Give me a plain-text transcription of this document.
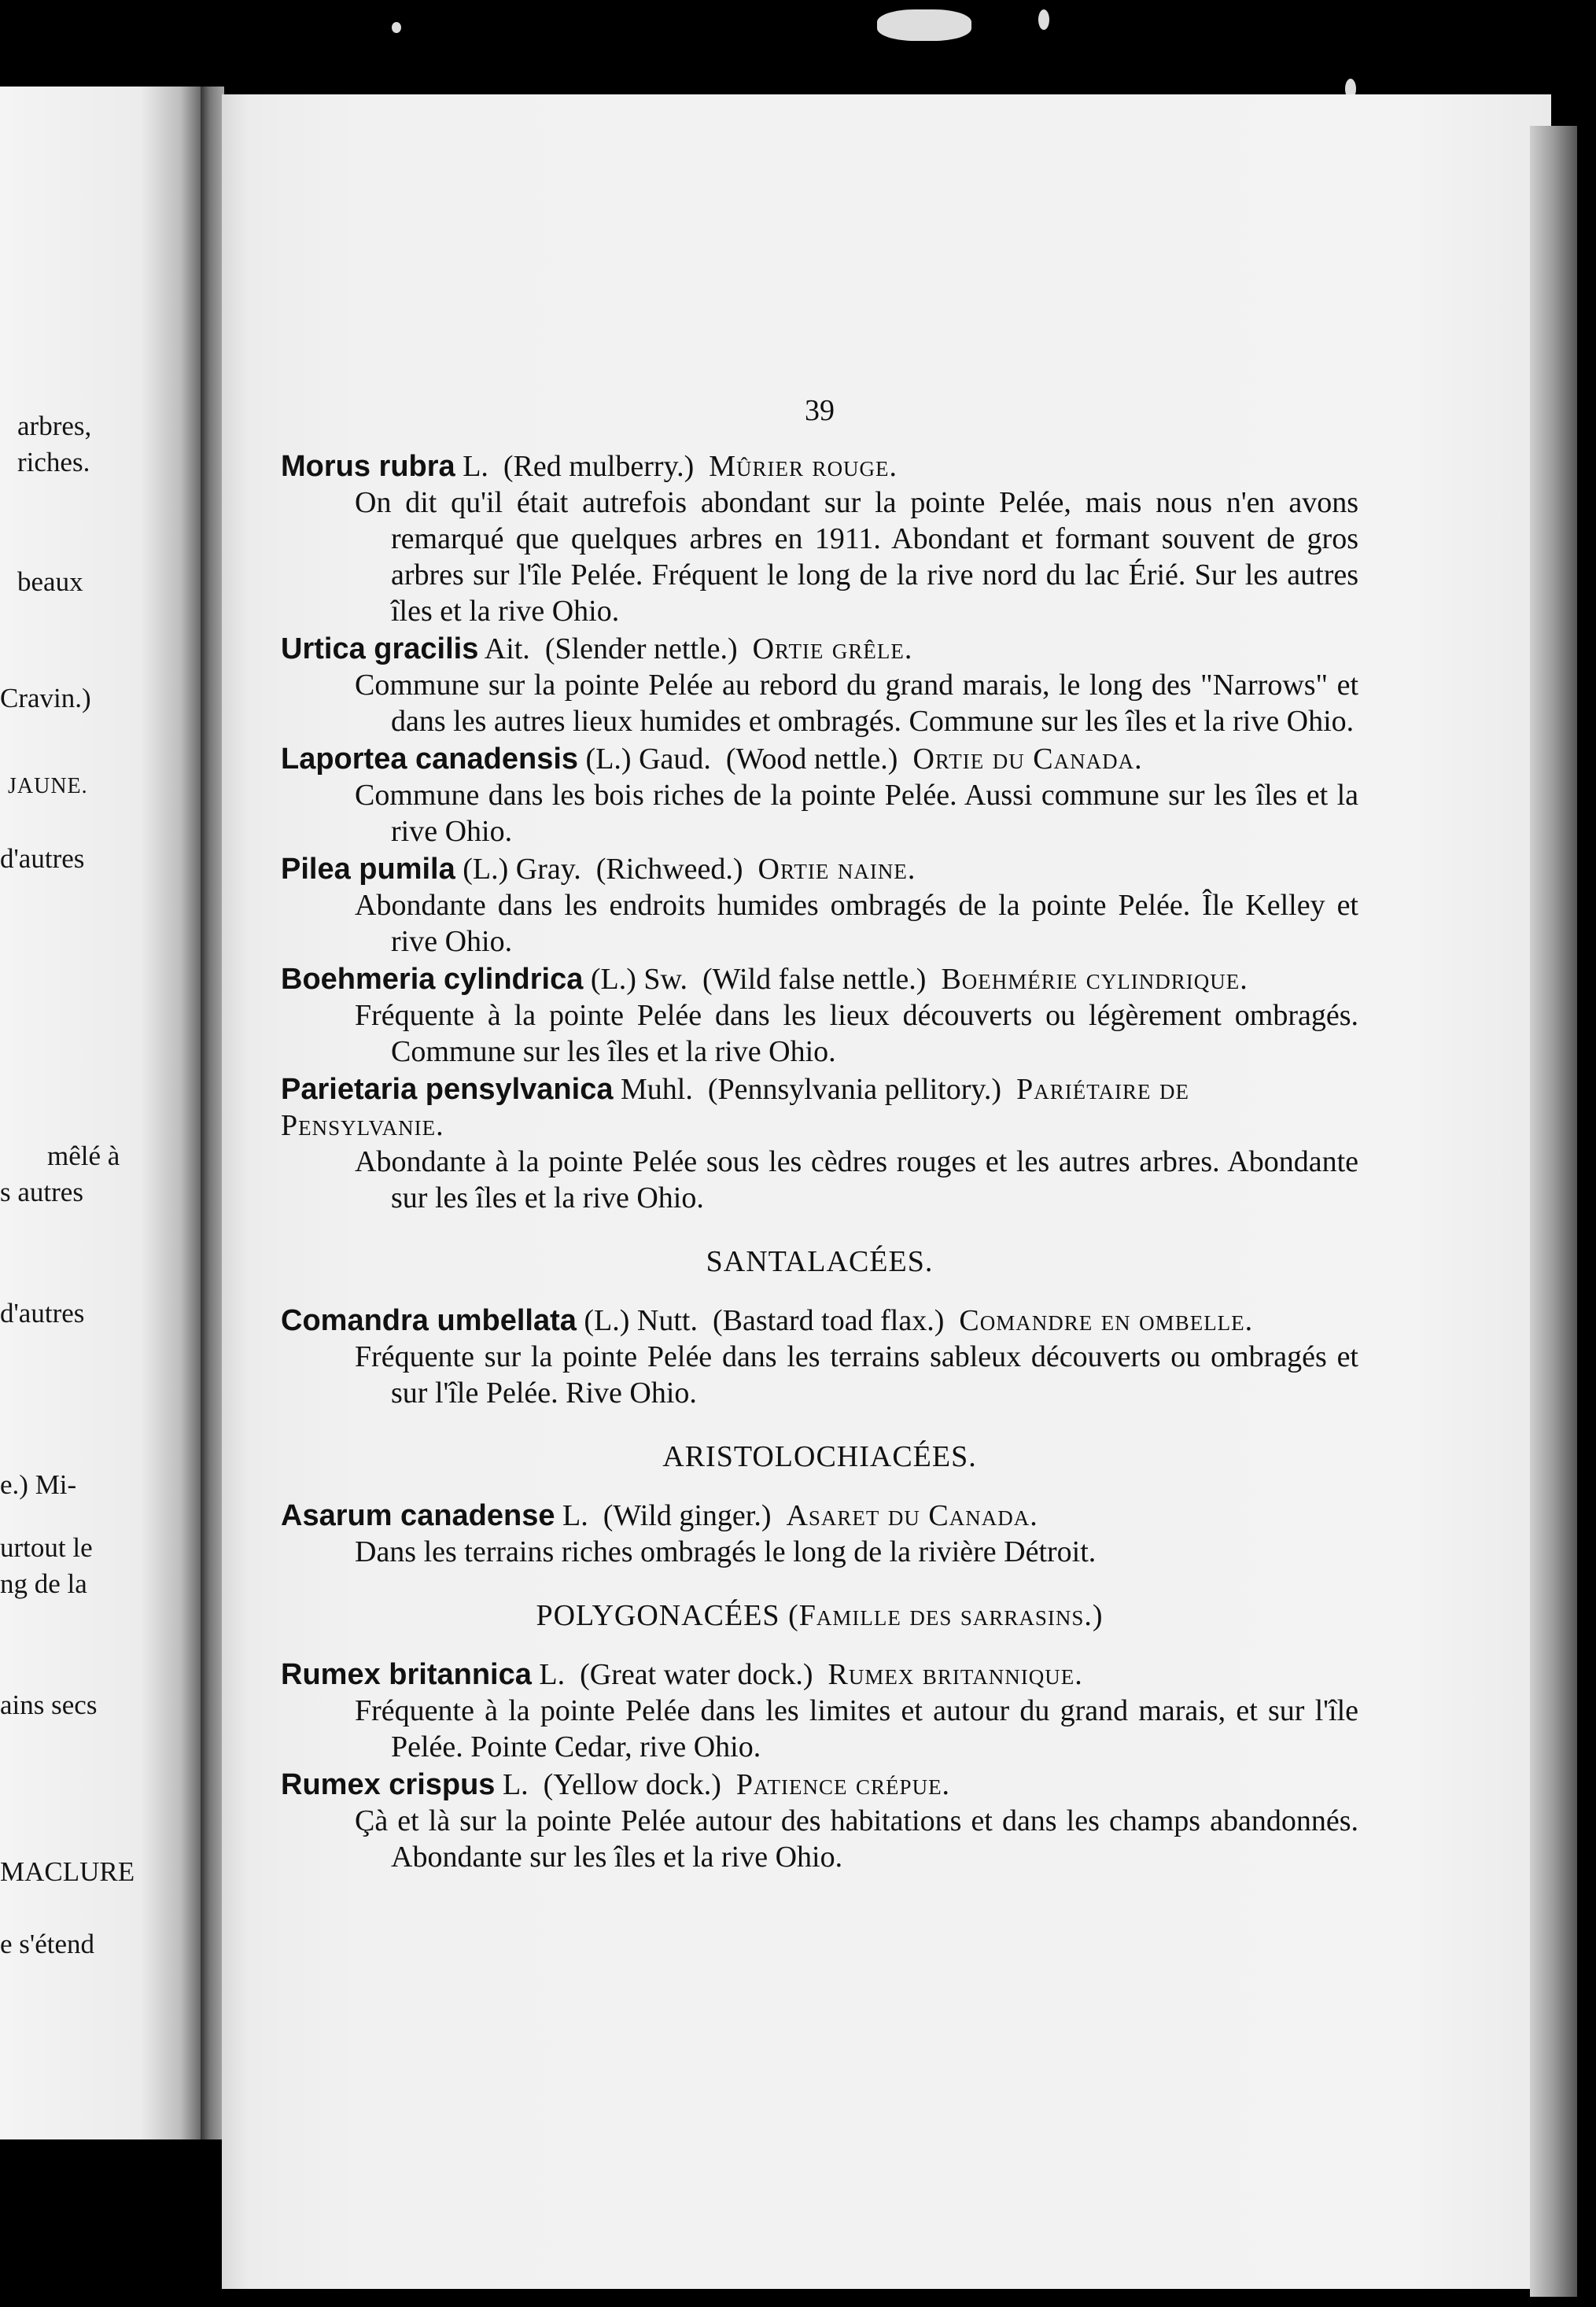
arbres,
riches.
beaux
Cravin.)
JAUNE.
d'autres
mêlé à
s autres
d'autres
e.) Mi-
urtout le
ng de la
ains secs
MACLURE
e s'étend
39

Morus rubra L. (Red mulberry.) Mûrier rouge.

On dit qu'il était autrefois abondant sur la pointe Pelée, mais nous n'en avons remarqué que quelques arbres en 1911. Abondant et formant souvent de gros arbres sur l'île Pelée. Fréquent le long de la rive nord du lac Érié. Sur les autres îles et la rive Ohio.

Urtica gracilis Ait. (Slender nettle.) Ortie grêle.

Commune sur la pointe Pelée au rebord du grand marais, le long des "Narrows" et dans les autres lieux humides et ombragés. Commune sur les îles et la rive Ohio.

Laportea canadensis (L.) Gaud. (Wood nettle.) Ortie du Canada.

Commune dans les bois riches de la pointe Pelée. Aussi commune sur les îles et la rive Ohio.

Pilea pumila (L.) Gray. (Richweed.) Ortie naine.

Abondante dans les endroits humides ombragés de la pointe Pelée. Île Kelley et rive Ohio.

Boehmeria cylindrica (L.) Sw. (Wild false nettle.) Boehmérie cylindrique.

Fréquente à la pointe Pelée dans les lieux découverts ou légèrement ombragés. Commune sur les îles et la rive Ohio.

Parietaria pensylvanica Muhl. (Pennsylvania pellitory.) Pariétaire de Pensylvanie.

Abondante à la pointe Pelée sous les cèdres rouges et les autres arbres. Abondante sur les îles et la rive Ohio.

SANTALACÉES.

Comandra umbellata (L.) Nutt. (Bastard toad flax.) Comandre en ombelle.

Fréquente sur la pointe Pelée dans les terrains sableux découverts ou ombragés et sur l'île Pelée. Rive Ohio.

ARISTOLOCHIACÉES.

Asarum canadense L. (Wild ginger.) Asaret du Canada.

Dans les terrains riches ombragés le long de la rivière Détroit.

POLYGONACÉES (Famille des sarrasins.)

Rumex britannica L. (Great water dock.) Rumex britannique.

Fréquente à la pointe Pelée dans les limites et autour du grand marais, et sur l'île Pelée. Pointe Cedar, rive Ohio.

Rumex crispus L. (Yellow dock.) Patience crépue.

Çà et là sur la pointe Pelée autour des habitations et dans les champs abandonnés. Abondante sur les îles et la rive Ohio.
